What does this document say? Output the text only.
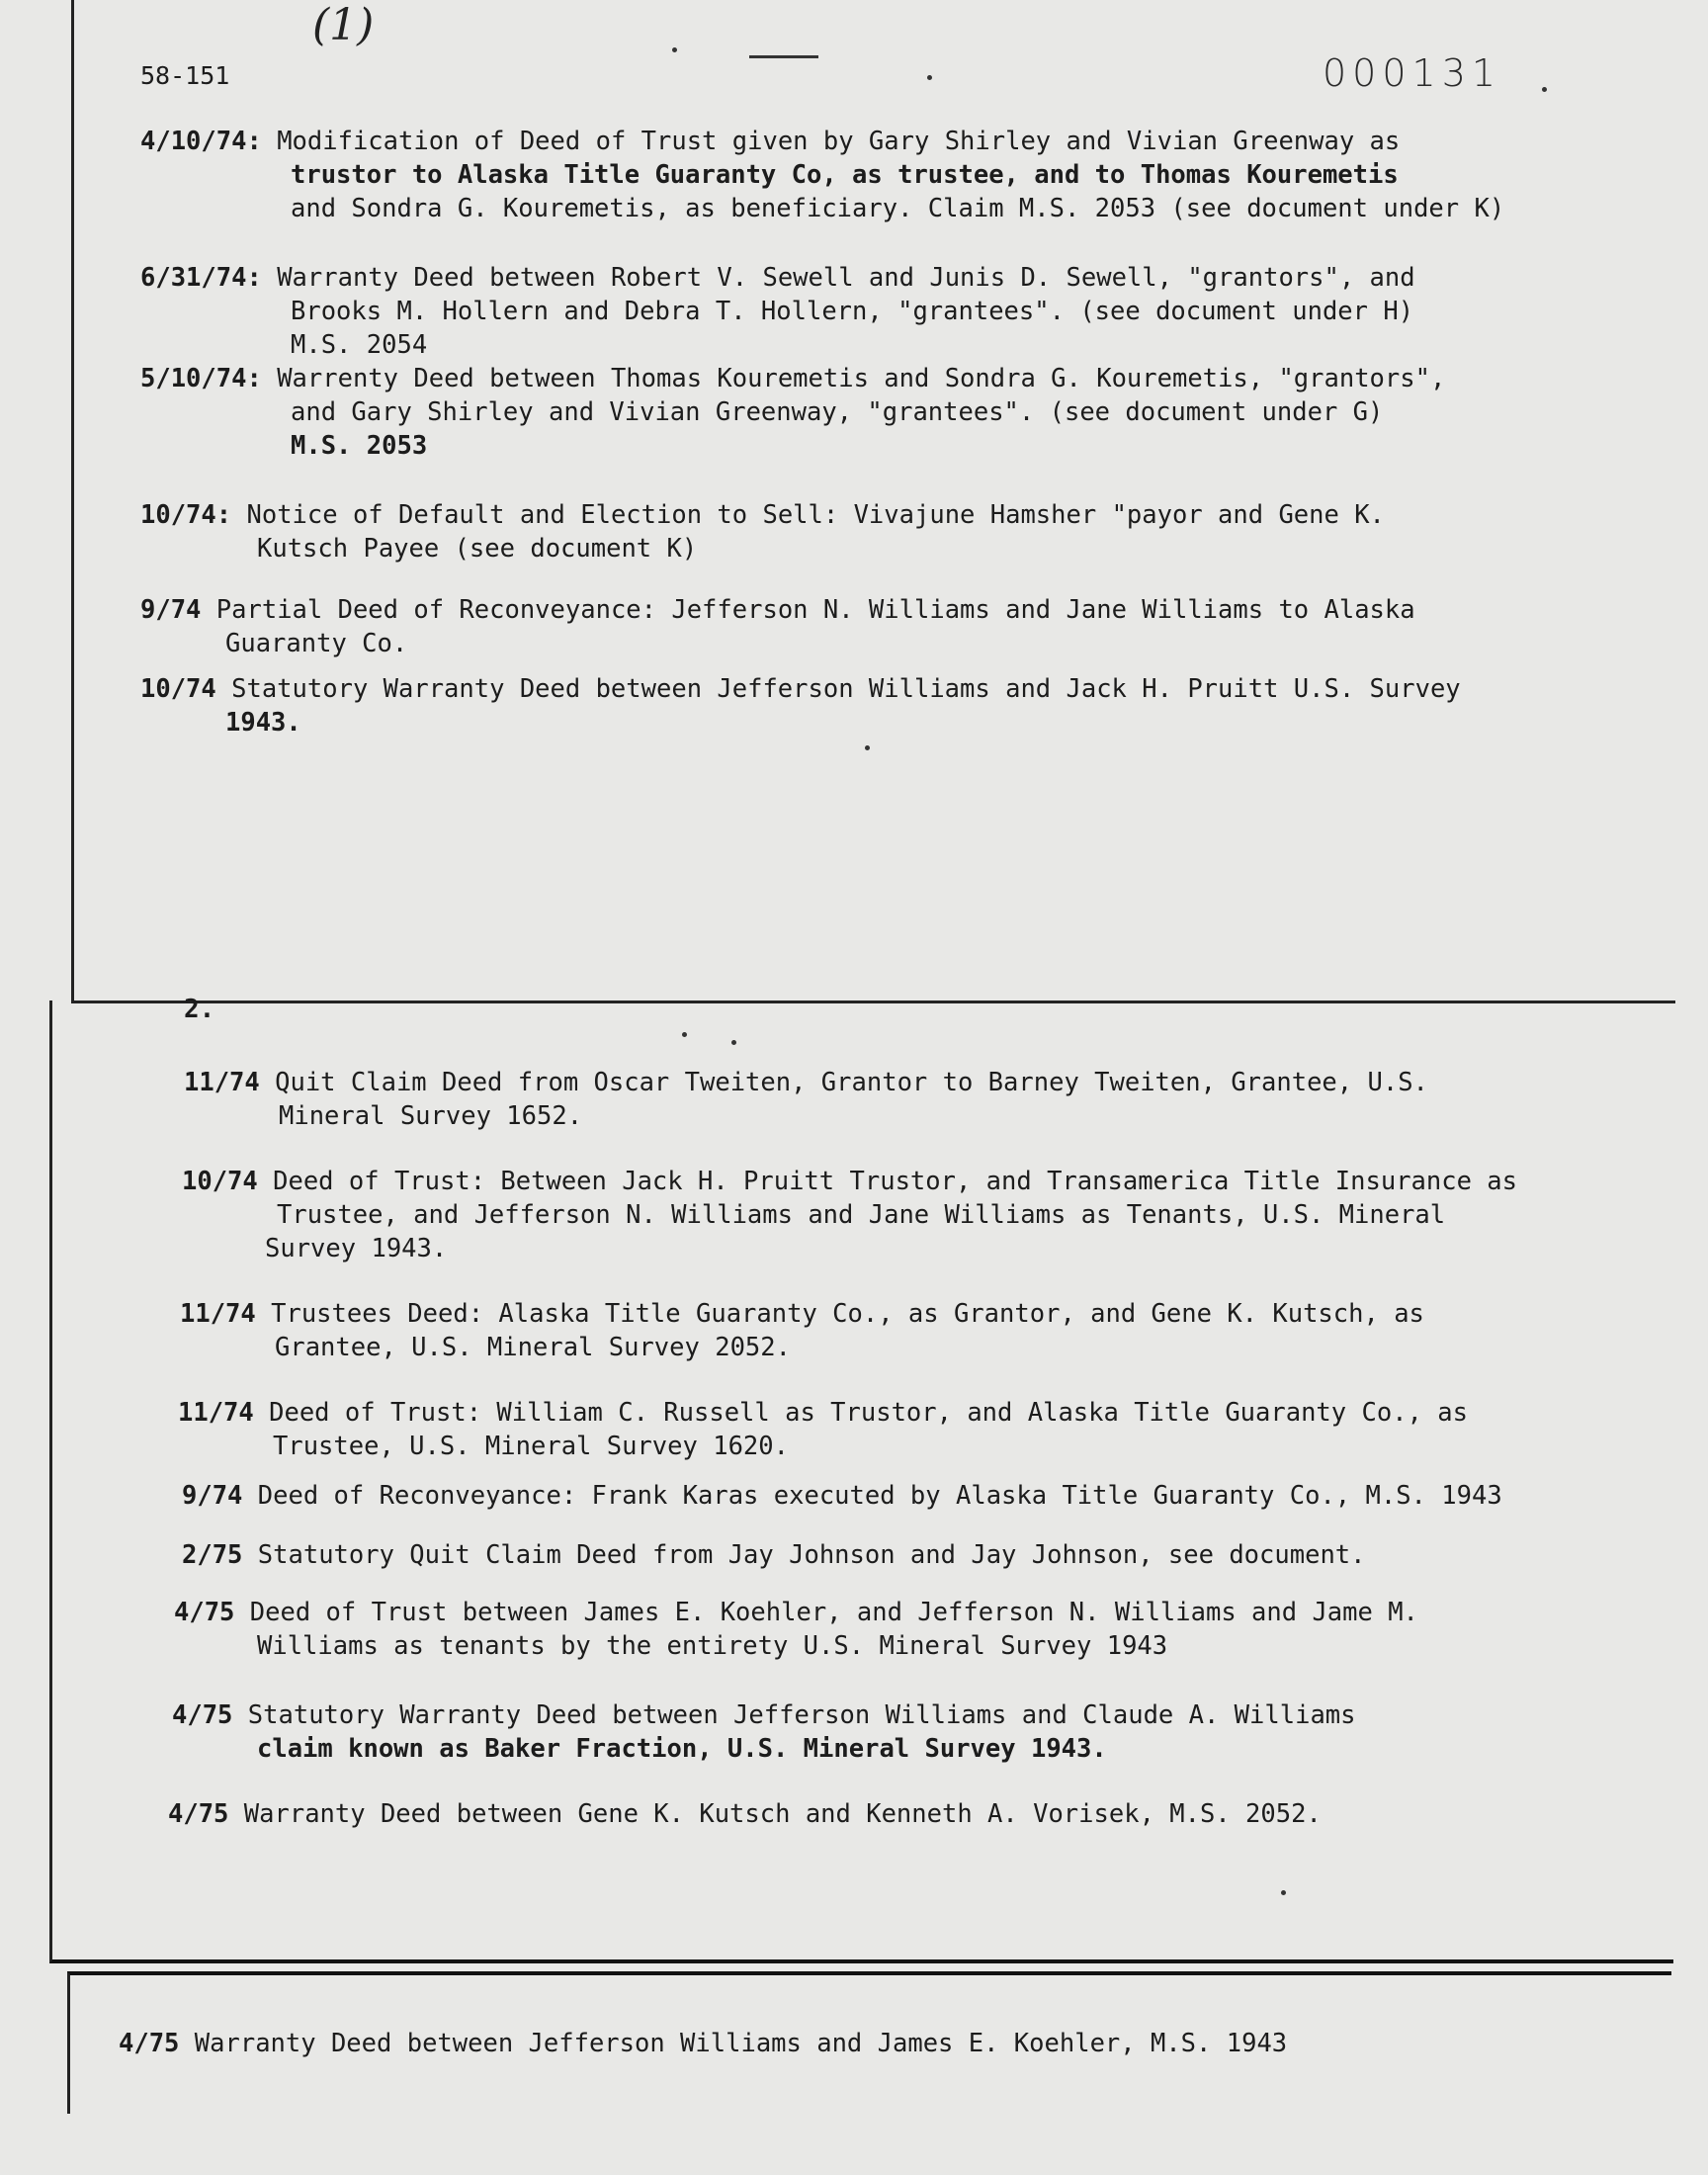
(1)
58-151	000131
4/10/74: Modification of Deed of Trust given by Gary Shirley and Vivian Greenway as
trustor to Alaska Title Guaranty Co, as trustee, and to Thomas Kouremetis
and Sondra G. Kouremetis, as beneficiary. Claim M.S. 2053 (see document under K)
6/31/74: Warranty Deed between Robert V. Sewell and Junis D. Sewell, "grantors", and
Brooks M. Hollern and Debra T. Hollern, "grantees". (see document under H)
M.S. 2054
5/10/74: Warrenty Deed between Thomas Kouremetis and Sondra G. Kouremetis, "grantors",
and Gary Shirley and Vivian Greenway, "grantees". (see document under G)
M.S. 2053
10/74: Notice of Default and Election to Sell: Vivajune Hamsher "payor and Gene K.
Kutsch Payee (see document K)
9/74 Partial Deed of Reconveyance: Jefferson N. Williams and Jane Williams to Alaska
Guaranty Co.
10/74 Statutory Warranty Deed between Jefferson Williams and Jack H. Pruitt U.S. Survey
1943.
2.
11/74 Quit Claim Deed from Oscar Tweiten, Grantor to Barney Tweiten, Grantee, U.S.
Mineral Survey 1652.
10/74 Deed of Trust: Between Jack H. Pruitt Trustor, and Transamerica Title Insurance as
Trustee, and Jefferson N. Williams and Jane Williams as Tenants, U.S. Mineral
Survey 1943.
11/74 Trustees Deed: Alaska Title Guaranty Co., as Grantor, and Gene K. Kutsch, as
Grantee, U.S. Mineral Survey 2052.
11/74 Deed of Trust: William C. Russell as Trustor, and Alaska Title Guaranty Co., as
Trustee, U.S. Mineral Survey 1620.
9/74 Deed of Reconveyance: Frank Karas executed by Alaska Title Guaranty Co., M.S. 1943
2/75 Statutory Quit Claim Deed from Jay Johnson and Jay Johnson, see document.
4/75 Deed of Trust between James E. Koehler, and Jefferson N. Williams and Jame M.
Williams as tenants by the entirety U.S. Mineral Survey 1943
4/75 Statutory Warranty Deed between Jefferson Williams and Claude A. Williams
claim known as Baker Fraction, U.S. Mineral Survey 1943.
4/75 Warranty Deed between Gene K. Kutsch and Kenneth A. Vorisek, M.S. 2052.
4/75 Warranty Deed between Jefferson Williams and James E. Koehler, M.S. 1943
